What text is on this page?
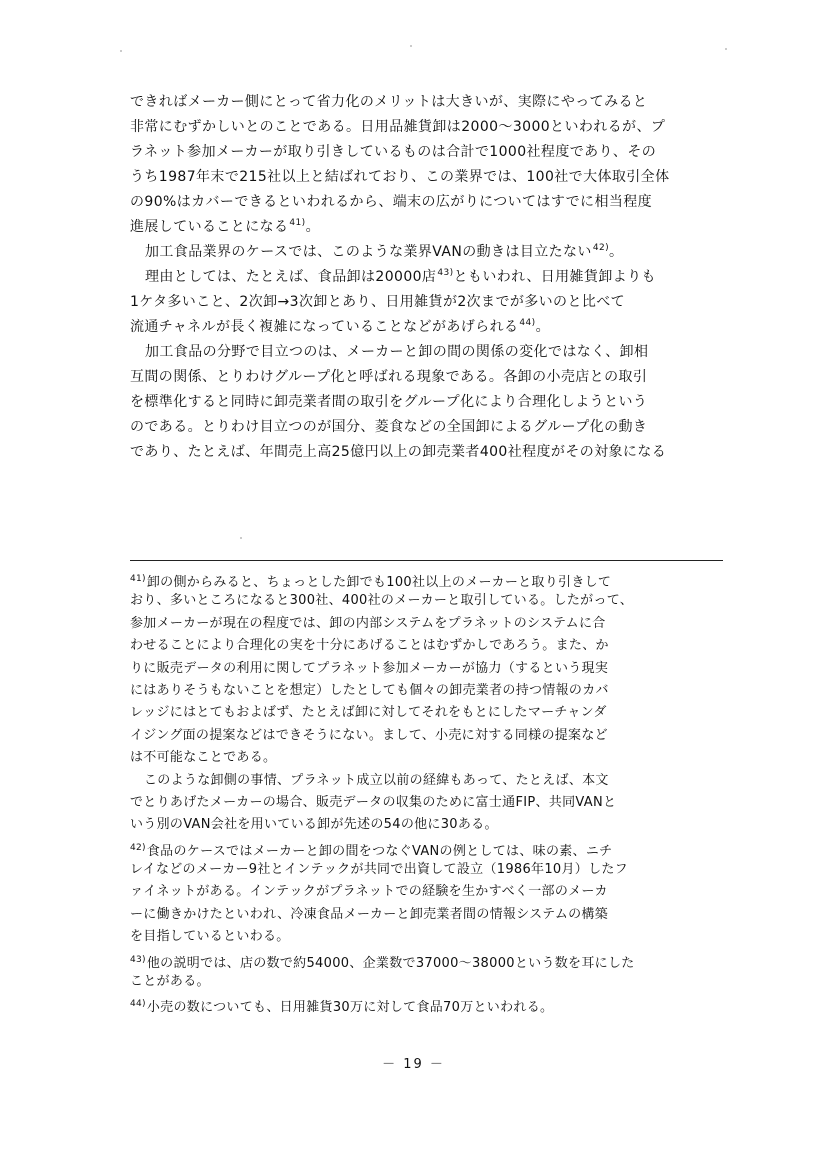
できればメーカー側にとって省力化のメリットは大きいが、実際にやってみると
非常にむずかしいとのことである。日用品雑貨卸は2000～3000といわれるが、プ
ラネット参加メーカーが取り引きしているものは合計で1000社程度であり、その
うち1987年末で215社以上と結ばれており、この業界では、100社で大体取引全体
の90%はカバーできるといわれるから、端末の広がりについてはすでに相当程度
進展していることになる$^{41)}$。
加工食品業界のケースでは、このような業界VANの動きは目立たない$^{42)}$。
理由としては、たとえば、食品卸は20000店$^{43)}$ともいわれ、日用雑貨卸よりも
1ケタ多いこと、2次卸→3次卸とあり、日用雑貨が2次までが多いのと比べて
流通チャネルが長く複雑になっていることなどがあげられる$^{44)}$。
加工食品の分野で目立つのは、メーカーと卸の間の関係の変化ではなく、卸相
互間の関係、とりわけグループ化と呼ばれる現象である。各卸の小売店との取引
を標準化すると同時に卸売業者間の取引をグループ化により合理化しようという
のである。とりわけ目立つのが国分、菱食などの全国卸によるグループ化の動き
であり、たとえば、年間売上高25億円以上の卸売業者400社程度がその対象になる
$^{41)}$卸の側からみると、ちょっとした卸でも100社以上のメーカーと取り引きして
おり、多いところになると300社、400社のメーカーと取引している。したがって、
参加メーカーが現在の程度では、卸の内部システムをプラネットのシステムに合
わせることにより合理化の実を十分にあげることはむずかしであろう。また、か
りに販売データの利用に関してプラネット参加メーカーが協力（するという現実
にはありそうもないことを想定）したとしても個々の卸売業者の持つ情報のカバ
レッジにはとてもおよばず、たとえば卸に対してそれをもとにしたマーチャンダ
イジング面の提案などはできそうにない。まして、小売に対する同様の提案など
は不可能なことである。
このような卸側の事情、プラネット成立以前の経緯もあって、たとえば、本文
でとりあげたメーカーの場合、販売データの収集のために富士通FIP、共同VANと
いう別のVAN会社を用いている卸が先述の54の他に30ある。
$^{42)}$食品のケースではメーカーと卸の間をつなぐVANの例としては、味の素、ニチ
レイなどのメーカー9社とインテックが共同で出資して設立（1986年10月）したフ
ァイネットがある。インテックがプラネットでの経験を生かすべく一部のメーカ
ーに働きかけたといわれ、冷凍食品メーカーと卸売業者間の情報システムの構築
を目指しているといわる。
$^{43)}$他の説明では、店の数で約54000、企業数で37000～38000という数を耳にした
ことがある。
$^{44)}$小売の数についても、日用雑貨30万に対して食品70万といわれる。
－ 19 －
